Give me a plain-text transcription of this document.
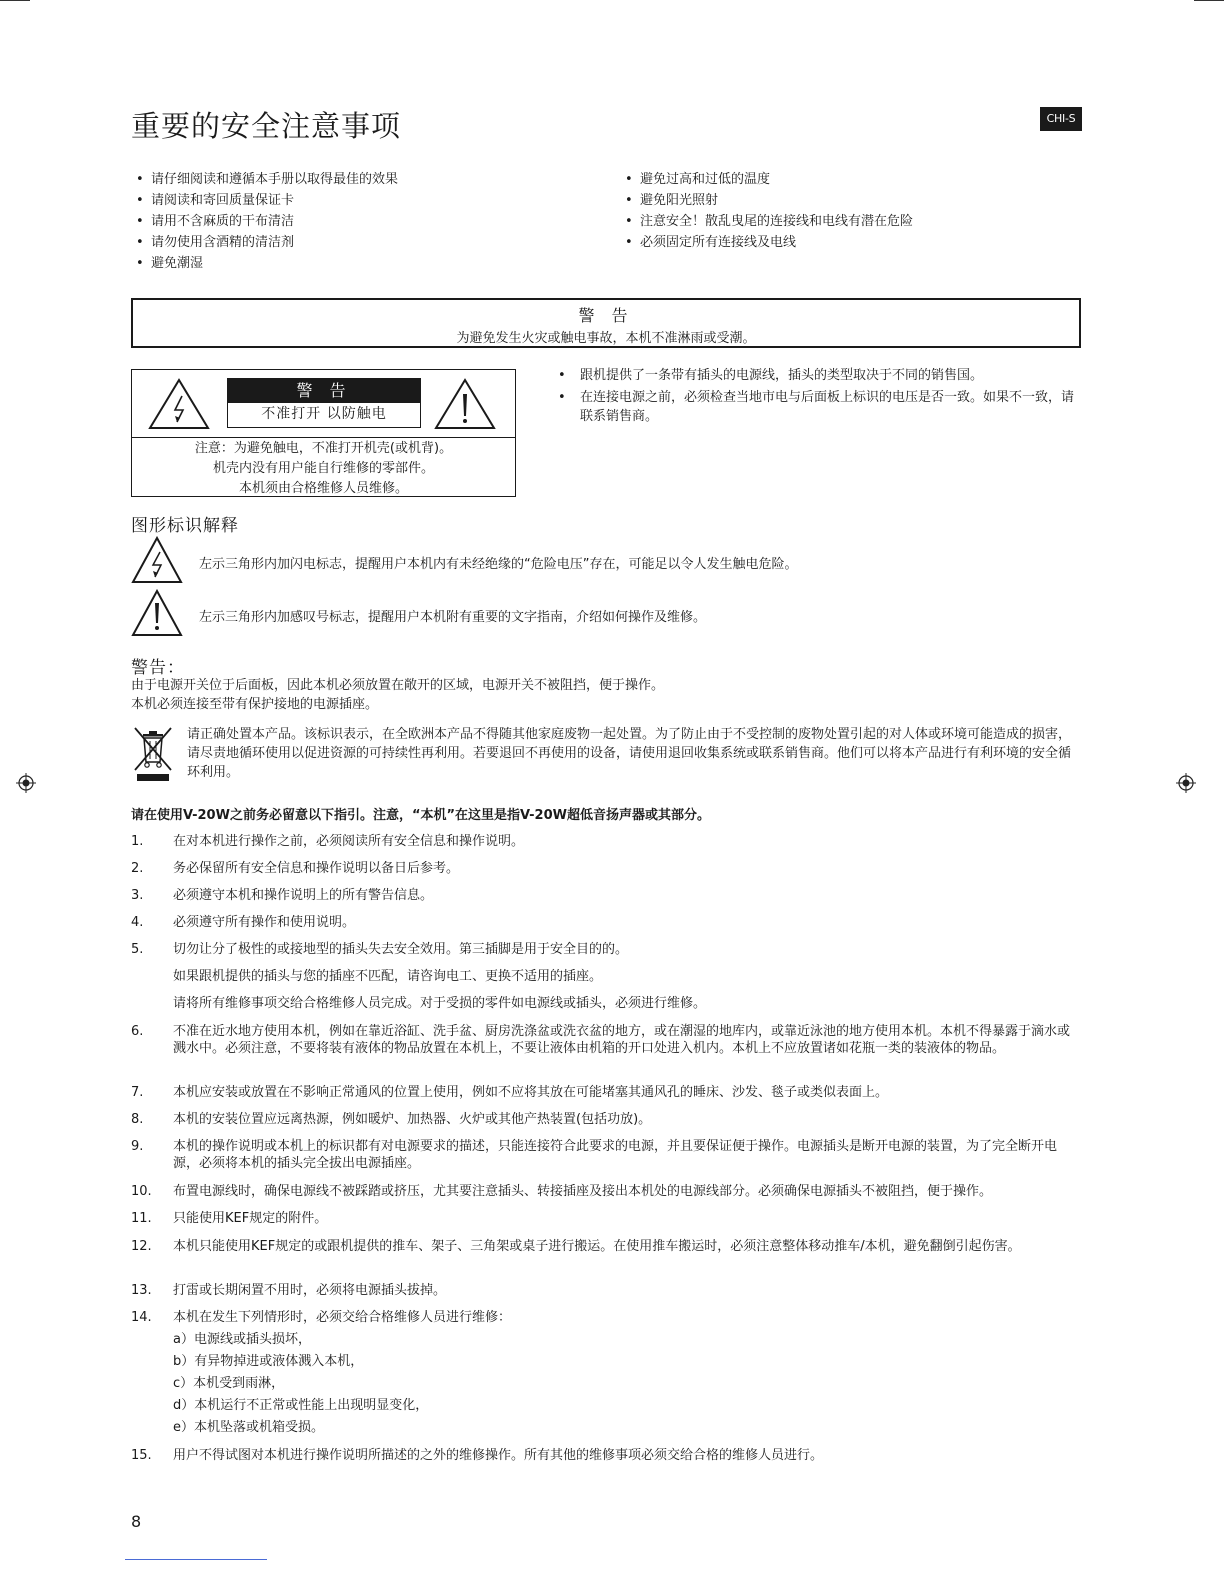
重要的安全注意事项	CHI-S
• 请仔细阅读和遵循本手册以取得最佳的效果
• 请阅读和寄回质量保证卡
• 请用不含麻质的干布清洁
• 请勿使用含酒精的清洁剂
• 避免潮湿
• 避免过高和过低的温度
• 避免阳光照射
• 注意安全！散乱曳尾的连接线和电线有潜在危险
• 必须固定所有连接线及电线
警 告
为避免发生火灾或触电事故，本机不准淋雨或受潮。
警 告
不准打开 以防触电
注意：为避免触电，不准打开机壳(或机背)。
机壳内没有用户能自行维修的零部件。
本机须由合格维修人员维修。
• 跟机提供了一条带有插头的电源线，插头的类型取决于不同的销售国。
• 在连接电源之前，必须检查当地市电与后面板上标识的电压是否一致。如果不一致，请联系销售商。
图形标识解释
左示三角形内加闪电标志，提醒用户本机内有未经绝缘的“危险电压”存在，可能足以令人发生触电危险。
左示三角形内加感叹号标志，提醒用户本机附有重要的文字指南，介绍如何操作及维修。
警告：
由于电源开关位于后面板，因此本机必须放置在敞开的区域，电源开关不被阻挡，便于操作。
本机必须连接至带有保护接地的电源插座。
请正确处置本产品。该标识表示，在全欧洲本产品不得随其他家庭废物一起处置。为了防止由于不受控制的废物处置引起的对人体或环境可能造成的损害，请尽责地循环使用以促进资源的可持续性再利用。若要退回不再使用的设备，请使用退回收集系统或联系销售商。他们可以将本产品进行有利环境的安全循环利用。
请在使用V-20W之前务必留意以下指引。注意，“本机”在这里是指V-20W超低音扬声器或其部分。
1. 在对本机进行操作之前，必须阅读所有安全信息和操作说明。
2. 务必保留所有安全信息和操作说明以备日后参考。
3. 必须遵守本机和操作说明上的所有警告信息。
4. 必须遵守所有操作和使用说明。
5. 切勿让分了极性的或接地型的插头失去安全效用。第三插脚是用于安全目的的。
如果跟机提供的插头与您的插座不匹配，请咨询电工、更换不适用的插座。
请将所有维修事项交给合格维修人员完成。对于受损的零件如电源线或插头，必须进行维修。
6. 不准在近水地方使用本机，例如在靠近浴缸、洗手盆、厨房洗涤盆或洗衣盆的地方，或在潮湿的地库内，或靠近泳池的地方使用本机。本机不得暴露于滴水或溅水中。必须注意，不要将装有液体的物品放置在本机上，不要让液体由机箱的开口处进入机内。本机上不应放置诸如花瓶一类的装液体的物品。
7. 本机应安装或放置在不影响正常通风的位置上使用，例如不应将其放在可能堵塞其通风孔的睡床、沙发、毯子或类似表面上。
8. 本机的安装位置应远离热源，例如暖炉、加热器、火炉或其他产热装置(包括功放)。
9. 本机的操作说明或本机上的标识都有对电源要求的描述，只能连接符合此要求的电源，并且要保证便于操作。电源插头是断开电源的装置，为了完全断开电源，必须将本机的插头完全拔出电源插座。
10. 布置电源线时，确保电源线不被踩踏或挤压，尤其要注意插头、转接插座及接出本机处的电源线部分。必须确保电源插头不被阻挡，便于操作。
11. 只能使用KEF规定的附件。
12. 本机只能使用KEF规定的或跟机提供的推车、架子、三角架或桌子进行搬运。在使用推车搬运时，必须注意整体移动推车/本机，避免翻倒引起伤害。
13. 打雷或长期闲置不用时，必须将电源插头拔掉。
14. 本机在发生下列情形时，必须交给合格维修人员进行维修：
a）电源线或插头损坏，
b）有异物掉进或液体溅入本机，
c）本机受到雨淋，
d）本机运行不正常或性能上出现明显变化，
e）本机坠落或机箱受损。
15. 用户不得试图对本机进行操作说明所描述的之外的维修操作。所有其他的维修事项必须交给合格的维修人员进行。
8
